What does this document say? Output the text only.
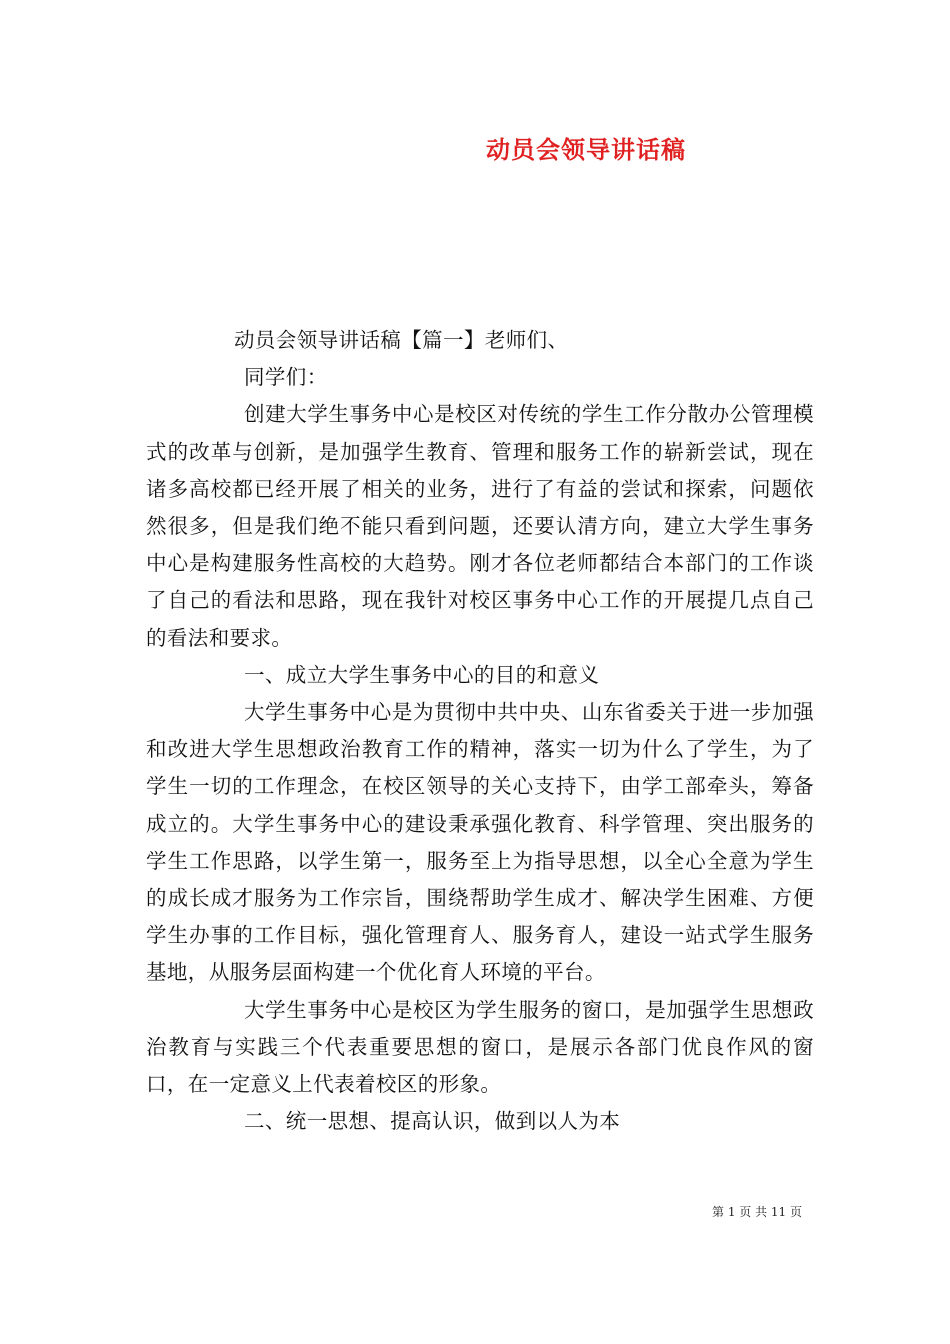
动员会领导讲话稿

动员会领导讲话稿【篇一】老师们、

同学们：

创建大学生事务中心是校区对传统的学生工作分散办公管理模式的改革与创新，是加强学生教育、管理和服务工作的崭新尝试，现在诸多高校都已经开展了相关的业务，进行了有益的尝试和探索，问题依然很多，但是我们绝不能只看到问题，还要认清方向，建立大学生事务中心是构建服务性高校的大趋势。刚才各位老师都结合本部门的工作谈了自己的看法和思路，现在我针对校区事务中心工作的开展提几点自己的看法和要求。

一、成立大学生事务中心的目的和意义

大学生事务中心是为贯彻中共中央、山东省委关于进一步加强和改进大学生思想政治教育工作的精神，落实一切为什么了学生，为了学生一切的工作理念，在校区领导的关心支持下，由学工部牵头，筹备成立的。大学生事务中心的建设秉承强化教育、科学管理、突出服务的学生工作思路，以学生第一，服务至上为指导思想，以全心全意为学生的成长成才服务为工作宗旨，围绕帮助学生成才、解决学生困难、方便学生办事的工作目标，强化管理育人、服务育人，建设一站式学生服务基地，从服务层面构建一个优化育人环境的平台。

大学生事务中心是校区为学生服务的窗口，是加强学生思想政治教育与实践三个代表重要思想的窗口，是展示各部门优良作风的窗口，在一定意义上代表着校区的形象。

二、统一思想、提高认识，做到以人为本

第 1 页 共 11 页
